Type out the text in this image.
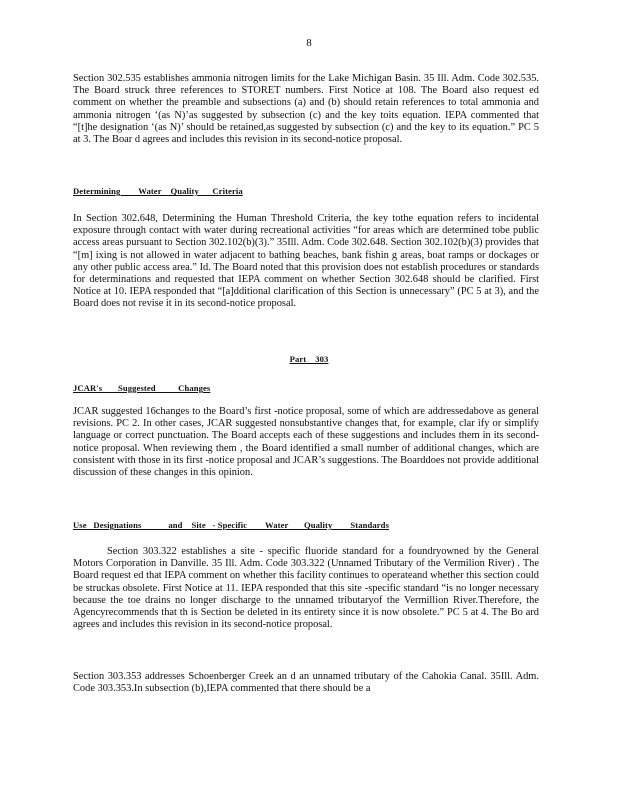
8
Section 302.535 establishes ammonia nitrogen limits for the Lake Michigan Basin. 35 Ill. Adm. Code 302.535. The Board struck three references to STORET numbers. First Notice at 108. The Board also request ed comment on whether the preamble and subsections (a) and (b) should retain references to total ammonia and ammonia nitrogen ‘(as N)’as suggested by subsection (c) and the key toits equation. IEPA commented that “[t]he designation ‘(as N)’ should be retained,as suggested by subsection (c) and the key to its equation.” PC 5 at 3. The Boar d agrees and includes this revision in its second-notice proposal.
Determining        Water    Quality      Criteria
In Section 302.648, Determining the Human Threshold Criteria, the key tothe equation refers to incidental exposure through contact with water during recreational activities “for areas which are determined tobe public access areas pursuant to Section 302.102(b)(3).” 35Ill. Adm. Code 302.648. Section 302.102(b)(3) provides that “[m] ixing is not allowed in water adjacent to bathing beaches, bank fishin g areas, boat ramps or dockages or any other public access area.” Id. The Board noted that this provision does not establish procedures or standards for determinations and requested that IEPA comment on whether Section 302.648 should be clarified. First Notice at 10. IEPA responded that “[a]dditional clarification of this Section is unnecessary” (PC 5 at 3), and the Board does not revise it in its second-notice proposal.
Part    303
JCAR's       Suggested          Changes
JCAR suggested 16changes to the Board’s first -notice proposal, some of which are addressedabove as general revisions. PC 2. In other cases, JCAR suggested nonsubstantive changes that, for example, clar ify or simplify language or correct punctuation. The Board accepts each of these suggestions and includes them in its second-notice proposal. When reviewing them , the Board identified a small number of additional changes, which are consistent with those in its first -notice proposal and JCAR’s suggestions. The Boarddoes not provide additional discussion of these changes in this opinion.
Use   Designations            and    Site   - Specific        Water       Quality        Standards
Section 303.322 establishes a site - specific fluoride standard for a foundryowned by the General Motors Corporation in Danville. 35 Ill. Adm. Code 303.322 (Unnamed Tributary of the Vermilion River) . The Board request ed that IEPA comment on whether this facility continues to operateand whether this section could be struckas obsolete. First Notice at 11. IEPA responded that this site -specific standard “is no longer necessary because the toe drains no longer discharge to the unnamed tributaryof the Vermillion River.Therefore, the Agencyrecommends that th is Section be deleted in its entirety since it is now obsolete.” PC 5 at 4. The Bo ard agrees and includes this revision in its second-notice proposal.
Section 303.353 addresses Schoenberger Creek an d an unnamed tributary of the Cahokia Canal. 35Ill. Adm. Code 303.353.In subsection (b),IEPA commented that there should be a
